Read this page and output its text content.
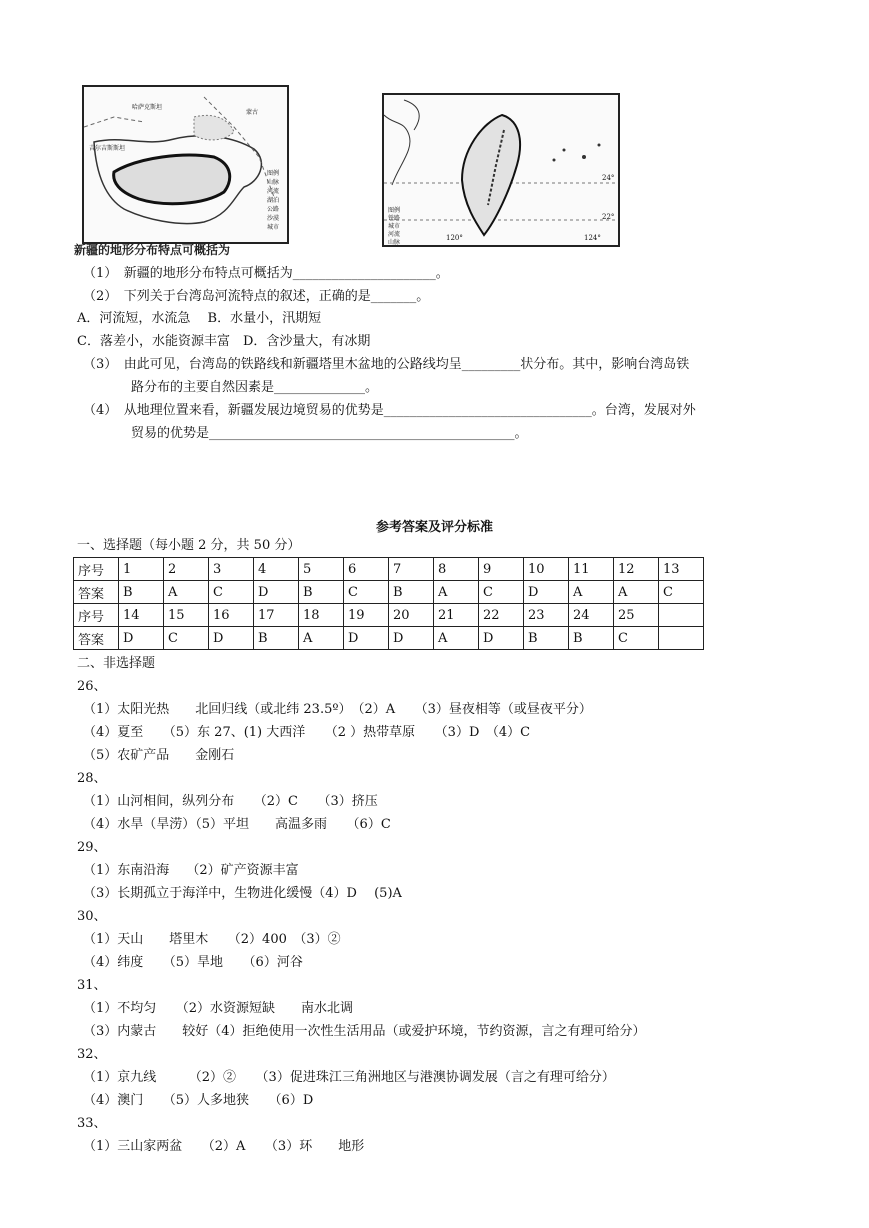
哈萨克斯坦
蒙古
吉尔吉斯斯坦
图例
山脉
河流
湖泊
公路
沙漠
城市
新疆的地形分布特点可概括为
图例
铁路
城市
河流
山脉
24°
22°
120°	124°
（1）　新疆的地形分布特点可概括为______________________。
（2）　下列关于台湾岛河流特点的叙述，正确的是_______。
A．河流短，水流急　 B．水量小，汛期短
C．落差小，水能资源丰富　D．含沙量大，有冰期
（3）　由此可见，台湾岛的铁路线和新疆塔里木盆地的公路线均呈_________状分布。其中，影响台湾岛铁
路分布的主要自然因素是______________。
（4）　从地理位置来看，新疆发展边境贸易的优势是________________________________。台湾，发展对外
贸易的优势是_______________________________________________。
参考答案及评分标准
一、选择题（每小题 2 分，共 50 分）
序号	1	2	3	4	5	6	7	8	9	10	11	12	13
答案	B	A	C	D	B	C	B	A	C	D	A	A	C
序号	14	15	16	17	18	19	20	21	22	23	24	25	
答案	D	C	D	B	A	D	D	A	D	B	B	C	
二、非选择题
26、
（1）太阳光热　　北回归线（或北纬 23.5º）　（2）A　　（3）昼夜相等（或昼夜平分）
（4）夏至　　（5）东 27、(1) 大西洋　　（2 ）热带草原　　（3）D　（4）C
（5）农矿产品　　金刚石
28、
（1）山河相间，纵列分布　　（2）C　　（3）挤压
（4）水旱（旱涝）（5）平坦　　高温多雨　　（6）C
29、
（1）东南沿海　 （2）矿产资源丰富
（3）长期孤立于海洋中，生物进化缓慢（4）D　 (5)A
30、
（1）天山　　塔里木　　（2）400　（3）②
（4）纬度　　（5）旱地　　（6）河谷
31、
（1）不均匀　　（2）水资源短缺　　南水北调
（3）内蒙古　　较好（4）拒绝使用一次性生活用品（或爱护环境，节约资源，言之有理可给分）
32、
（1）京九线　　　（2）②　　（3）促进珠江三角洲地区与港澳协调发展（言之有理可给分）
（4）澳门　　（5）人多地狭　　（6）D
33、
（1）三山家两盆　　（2）A　　（3）环　　地形
